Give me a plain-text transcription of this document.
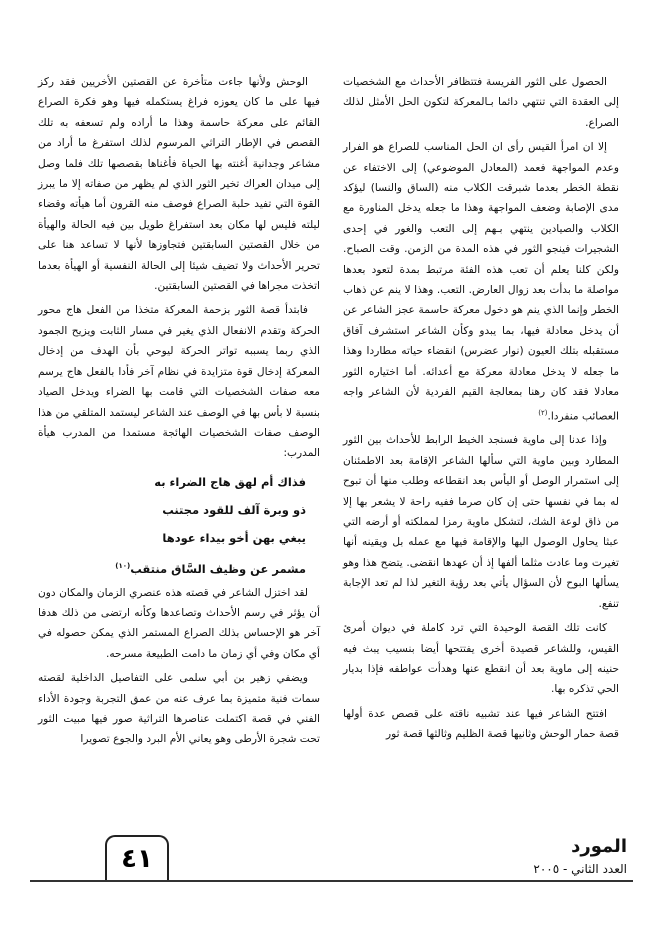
الحصول على الثور الفريسة فتتظافر الأحداث مع الشخصيات إلى العقدة التي تنتهي دائما بـالمعركة لتكون الحل الأمثل لذلك الصراع.

إلا ان امرأ القيس رأى ان الحل المناسب للصراع هو الفرار وعدم المواجهة فعمد (المعادل الموضوعي) إلى الاختفاء عن نقطة الخطر بعدما شبرقت الكلاب منه (الساق والنسا) ليؤكد مدى الإصابة وضعف المواجهة وهذا ما جعله يدخل المناورة مع الكلاب والصيادين ينتهي بـهم إلى التعب والغور في إحدى الشجيرات فينجو الثور في هذه المدة من الزمن. وقت الصباح. ولكن كلنا يعلم أن تعب هذه الفئة مرتبط بمدة لتعود بعدها مواصلة ما بدأت بعد زوال العارض. التعب. وهذا لا ينم عن ذهاب الخطر وإنما الذي ينم هو دخول معركة حاسمة عجز الشاعر عن أن يدخل معادلة فيها، بما يبدو وكأن الشاعر استشرف آفاق مستقبله بتلك العيون (نوار عضرس) انقضاء حياته مطاردا وهذا ما جعله لا يدخل معادلة معركة مع أعدائه. أما اختياره الثور معادلا فقد كان رهنا بمعالجة القيم الفردية لأن الشاعر واجه العصائب منفردا.$^{(٢)}$

وإذا عدنا إلى ماوية فسنجد الخيط الرابط للأحداث بين الثور المطارد وبين ماوية التي سألها الشاعر الإقامة بعد الاطمئنان إلى استمرار الوصل أو اليأس بعد انقطاعه وطلب منها أن تبوح له بما في نفسها حتى إن كان صرما ففيه راحة لا يشعر بها إلا من ذاق لوعة الشك، لتشكل ماوية رمزا لمملكته أو أرضه التي عبثا يحاول الوصول اليها والإقامة فيها مع عمله بل ويقينه أنها تغيرت وما عادت مثلما ألفها إذ أن عهدها انقضى. يتضح هذا وهو يسألها البوح لأن السؤال يأتي بعد رؤية التغير لذا لم تعد الإجابة تنفع.

كانت تلك القصة الوحيدة التي ترد كاملة في ديوان أمرئ القيس، وللشاعر قصيدة أخرى يفتتحها أيضا بنسيب يبث فيه حنينه إلى ماوية بعد أن انقطع عنها وهدأت عواطفه فإذا بديار الحي تذكره بها.

افتتح الشاعر فيها عند تشبيه ناقته على قصص عدة أولها قصة حمار الوحش وثانيها قصة الظليم وثالثها قصة ثور

الوحش ولأنها جاءت متأخرة عن القصتين الأخريين فقد ركز فيها على ما كان يعوزه فراغ يستكمله فيها وهو فكرة الصراع القائم على معركة حاسمة وهذا ما أراده ولم تسعفه به تلك القصص في الإطار التراثي المرسوم لذلك استفرغ ما أراد من مشاعر وجدانية أغنته بها الحياة فأغناها بقصصها تلك فلما وصل إلى ميدان العراك تخير الثور الذي لم يظهر من صفاته إلا ما يبرز القوة التي تفيد حلبة الصراع فوصف منه القرون أما هيأته وقضاء ليلته فليس لها مكان بعد استفراغ طويل بين فيه الحالة والهيأة من خلال القصتين السابقتين فتجاوزها لأنها لا تساعد هنا على تحرير الأحداث ولا تضيف شيئا إلى الحالة النفسية أو الهيأة بعدما اتخذت مجراها في القصتين السابقتين.

فابتدأ قصة الثور بزحمة المعركة متخذا من الفعل هاج محور الحركة وتقدم الانفعال الذي يغير في مسار الثابت ويزيح الجمود الذي ربما يسببه تواتر الحركة ليوحي بأن الهدف من إدخال المعركة إدخال قوة متزايدة في نظام آخر فأدا بالفعل هاج يرسم معه صفات الشخصيات التي قامت بها الضراء ويدخل الصياد بنسبة لا بأس بها في الوصف عند الشاعر ليستمد المتلقي من هذا الوصف صفات الشخصيات الهائجة مستمدا من المدرب هيأة المدرب:

فذاك أم لهق هاج الضراء به
ذو وبرة آلف للقود مجتنب
يبغي بهن أخو بيداء عودها
مشمر عن وظيف السَّاق منتقب$^{(١٠)}$

لقد اختزل الشاعر في قصته هذه عنصري الزمان والمكان دون أن يؤثر في رسم الأحداث وتصاعدها وكأنه ارتضى من ذلك هدفا آخر هو الإحساس بذلك الصراع المستمر الذي يمكن حصوله في أي مكان وفي أي زمان ما دامت الطبيعة مسرحه.

ويضفي زهير بن أبي سلمى على التفاصيل الداخلية لقصته سمات فنية متميزة بما عرف عنه من عمق التجربة وجودة الأداء الفني في قصة اكتملت عناصرها التراثية صور فيها مبيت الثور تحت شجرة الأرطى وهو يعاني الأم البرد والجوع تصويرا

٤١	المورد
العدد الثاني - ٢٠٠٥
